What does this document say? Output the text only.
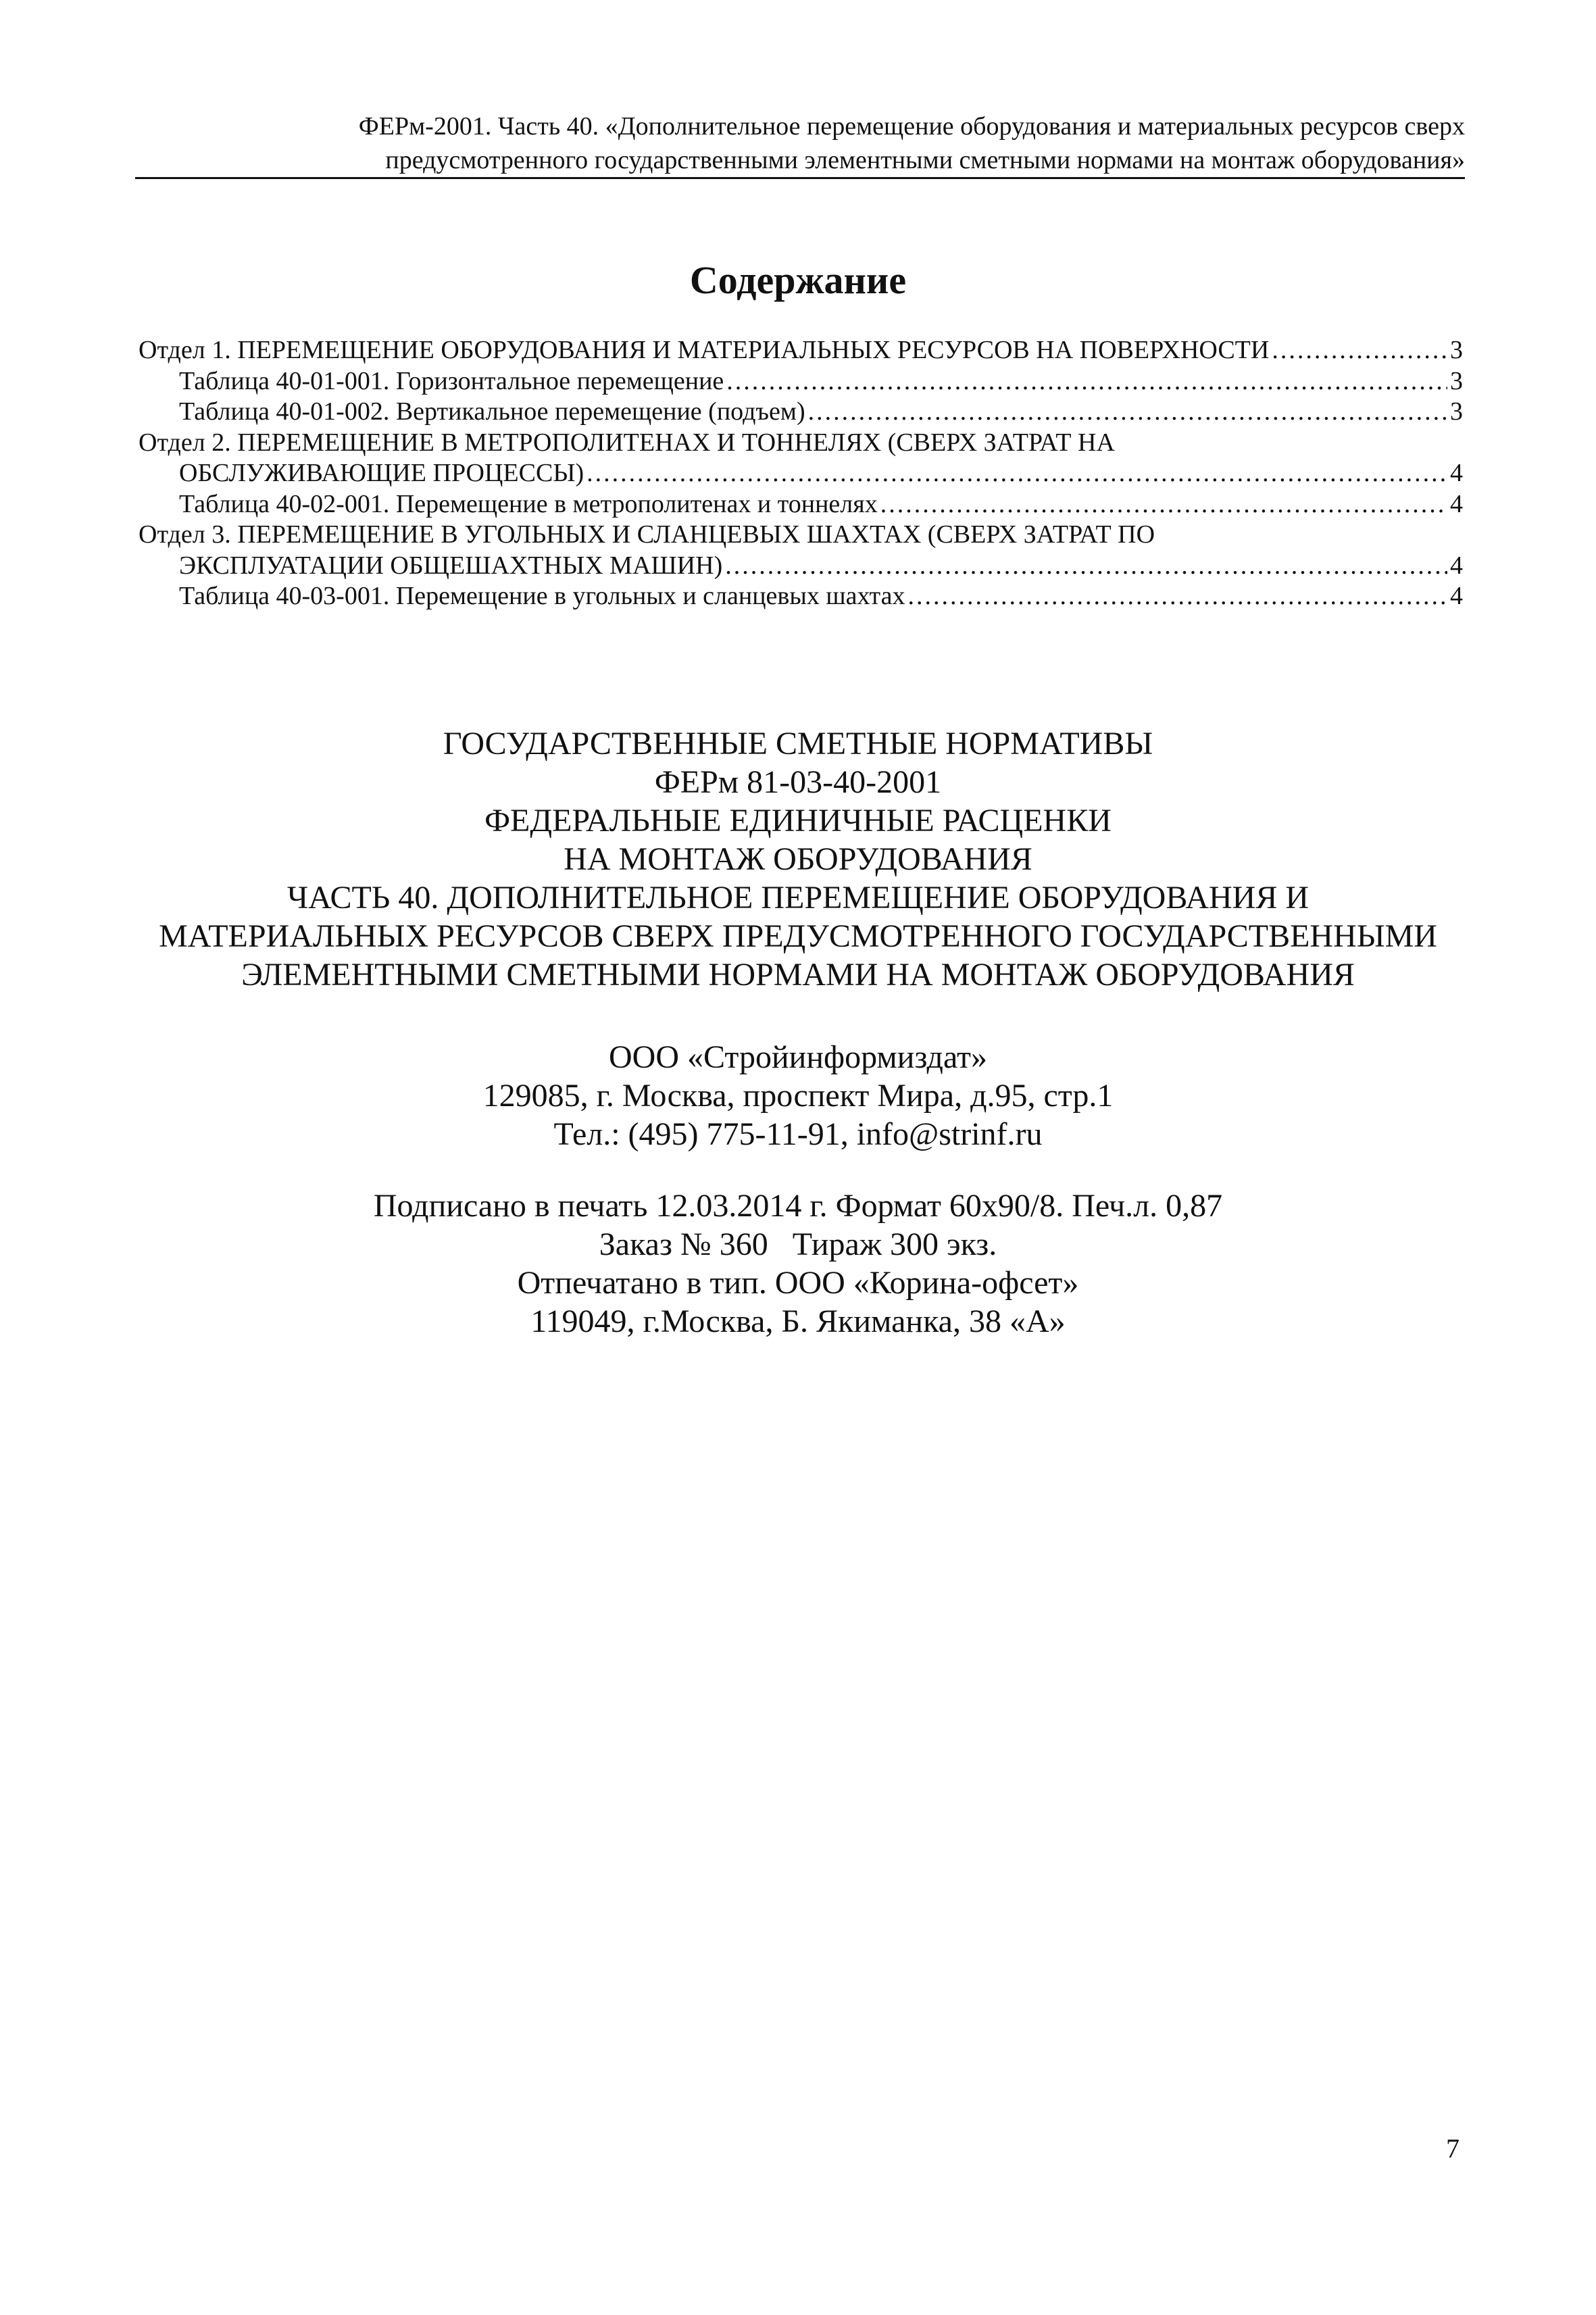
ФЕРм-2001. Часть 40. «Дополнительное перемещение оборудования и материальных ресурсов сверх
предусмотренного государственными элементными сметными нормами на монтаж оборудования»
Содержание
Отдел 1. ПЕРЕМЕЩЕНИЕ ОБОРУДОВАНИЯ И МАТЕРИАЛЬНЫХ РЕСУРСОВ НА ПОВЕРХНОСТИ .....	3
Таблица 40-01-001. Горизонтальное перемещение .....	3
Таблица 40-01-002. Вертикальное перемещение (подъем) .....	3
Отдел 2. ПЕРЕМЕЩЕНИЕ В МЕТРОПОЛИТЕНАХ И ТОННЕЛЯХ (СВЕРХ ЗАТРАТ НА
ОБСЛУЖИВАЮЩИЕ ПРОЦЕССЫ) .....	4
Таблица 40-02-001. Перемещение в метрополитенах и тоннелях .....	4
Отдел 3. ПЕРЕМЕЩЕНИЕ В УГОЛЬНЫХ И СЛАНЦЕВЫХ ШАХТАХ (СВЕРХ ЗАТРАТ ПО
ЭКСПЛУАТАЦИИ ОБЩЕШАХТНЫХ МАШИН) .....	4
Таблица 40-03-001. Перемещение в угольных и сланцевых шахтах .....	4
ГОСУДАРСТВЕННЫЕ СМЕТНЫЕ НОРМАТИВЫ
ФЕРм 81-03-40-2001
ФЕДЕРАЛЬНЫЕ ЕДИНИЧНЫЕ РАСЦЕНКИ
НА МОНТАЖ ОБОРУДОВАНИЯ
ЧАСТЬ 40. ДОПОЛНИТЕЛЬНОЕ ПЕРЕМЕЩЕНИЕ ОБОРУДОВАНИЯ И
МАТЕРИАЛЬНЫХ РЕСУРСОВ СВЕРХ ПРЕДУСМОТРЕННОГО ГОСУДАРСТВЕННЫМИ
ЭЛЕМЕНТНЫМИ СМЕТНЫМИ НОРМАМИ НА МОНТАЖ ОБОРУДОВАНИЯ
ООО «Стройинформиздат»
129085, г. Москва, проспект Мира, д.95, стр.1
Тел.: (495) 775-11-91, info@strinf.ru
Подписано в печать 12.03.2014 г. Формат 60х90/8. Печ.л. 0,87
Заказ № 360   Тираж 300 экз.
Отпечатано в тип. ООО «Корина-офсет»
119049, г.Москва, Б. Якиманка, 38 «А»
7
